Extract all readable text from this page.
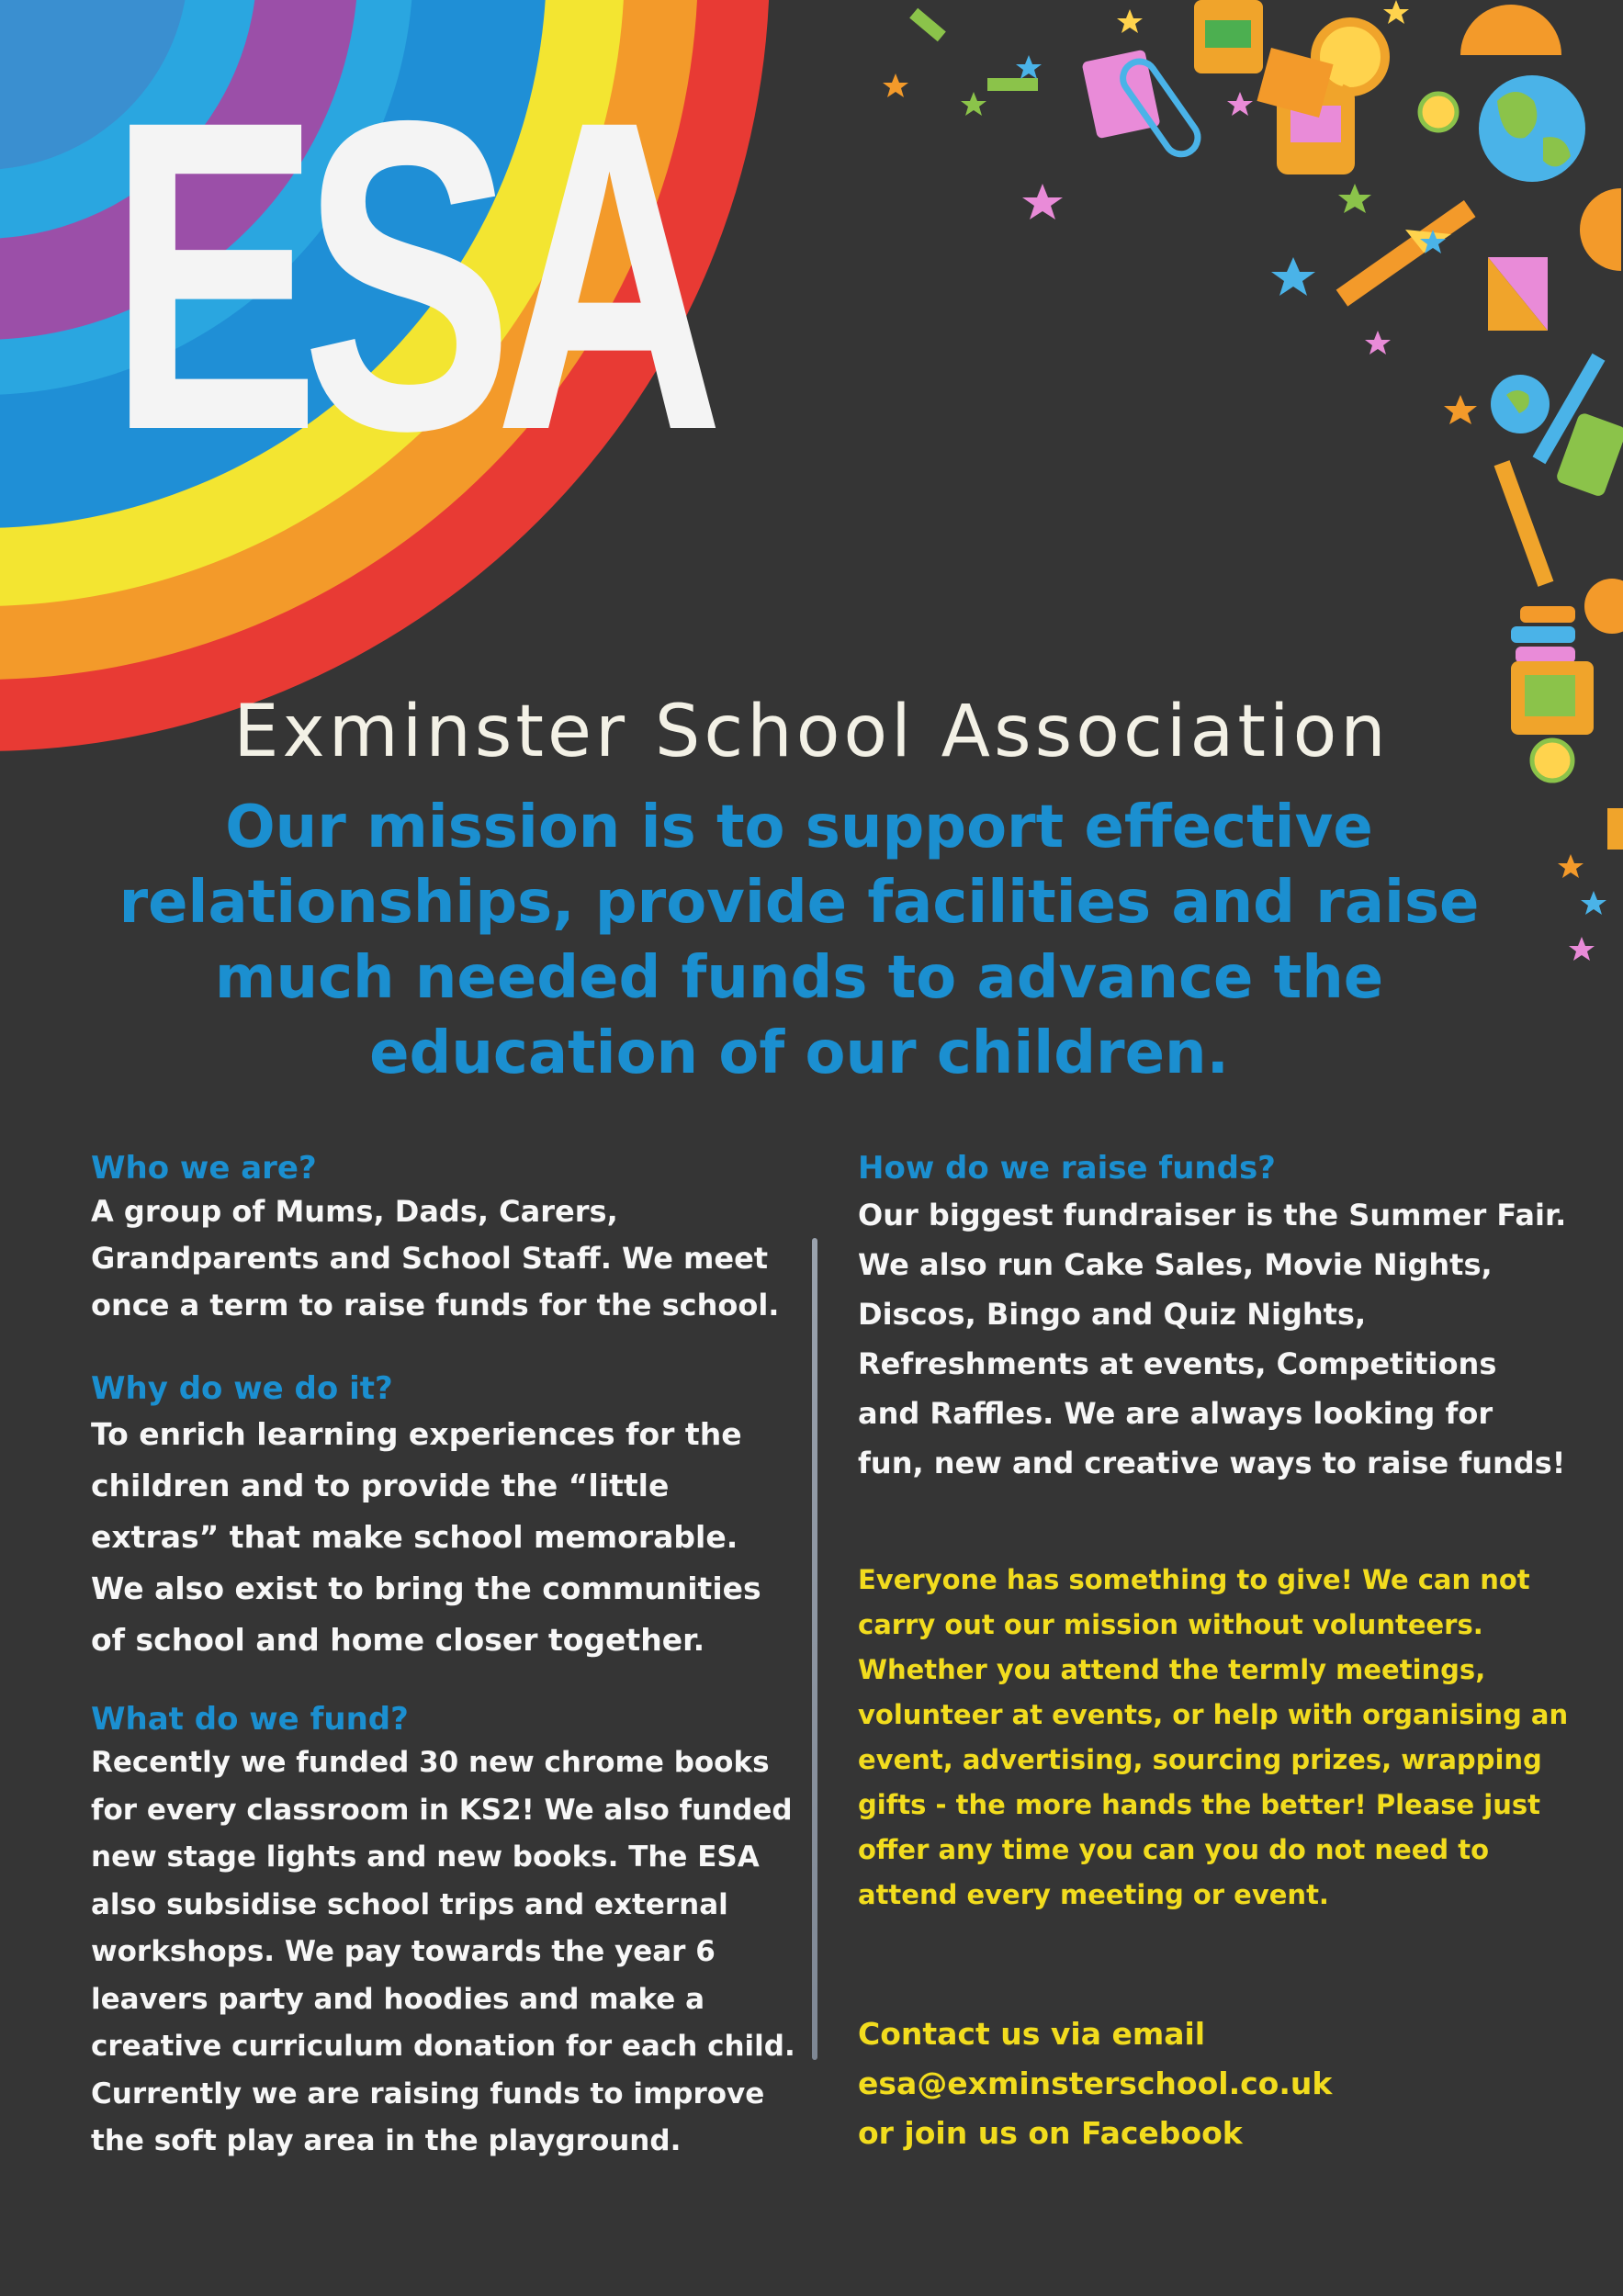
ESA
Exminster School Association
Our mission is to support effective
relationships, provide facilities and raise
much needed funds to advance the
education of our children.
Who we are?
A group of Mums, Dads, Carers,
Grandparents and School Staff. We meet
once a term to raise funds for the school.
Why do we do it?
To enrich learning experiences for the
children and to provide the “little
extras” that make school memorable.
We also exist to bring the communities
of school and home closer together.
What do we fund?
Recently we funded 30 new chrome books
for every classroom in KS2! We also funded
new stage lights and new books. The ESA
also subsidise school trips and external
workshops. We pay towards the year 6
leavers party and hoodies and make a
creative curriculum donation for each child.
Currently we are raising funds to improve
the soft play area in the playground.
How do we raise funds?
Our biggest fundraiser is the Summer Fair.
We also run Cake Sales, Movie Nights,
Discos, Bingo and Quiz Nights,
Refreshments at events, Competitions
and Raffles. We are always looking for
fun, new and creative ways to raise funds!
Everyone has something to give! We can not
carry out our mission without volunteers.
Whether you attend the termly meetings,
volunteer at events, or help with organising an
event, advertising, sourcing prizes, wrapping
gifts - the more hands the better! Please just
offer any time you can you do not need to
attend every meeting or event.
Contact us via email
esa@exminsterschool.co.uk
or join us on Facebook
